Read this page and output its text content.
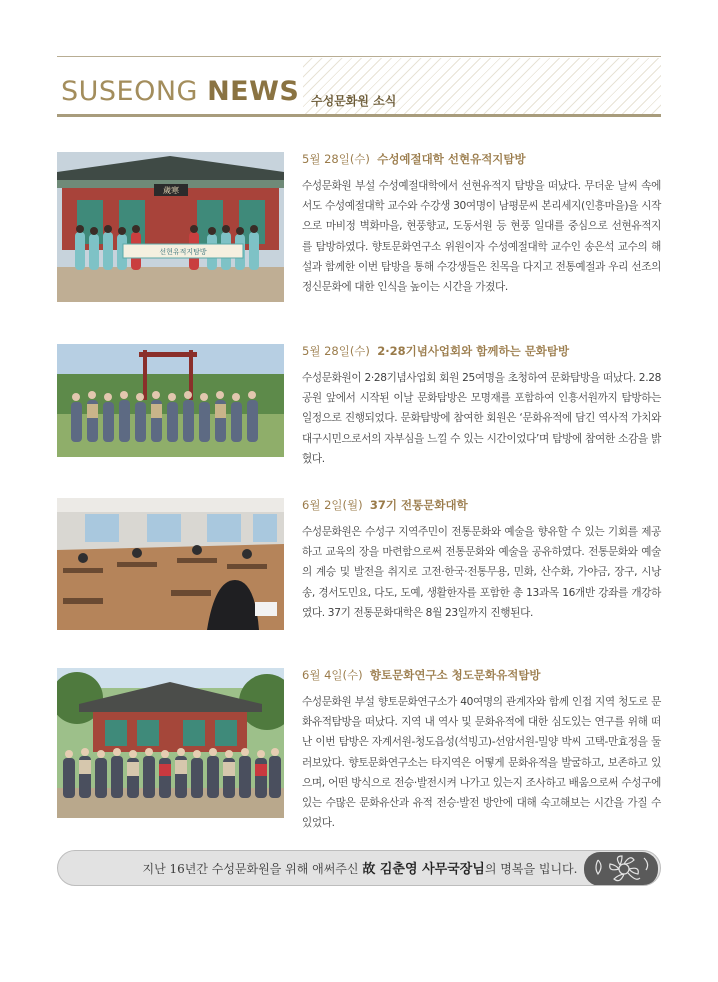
SUSEONG NEWS 수성문화원 소식
歲寒
선현유적지탐방
5월 28일(수) 수성예절대학 선현유적지탐방
수성문화원 부설 수성예절대학에서 선현유적지 탐방을 떠났다. 무더운 날씨 속에서도 수성예절대학 교수와 수강생 30여명이 남평문씨 본리세지(인흥마을)을 시작으로 마비정 벽화마을, 현풍향교, 도동서원 등 현풍 일대를 중심으로 선현유적지를 탐방하였다. 향토문화연구소 위원이자 수성예절대학 교수인 송은석 교수의 해설과 함께한 이번 탐방을 통해 수강생들은 친목을 다지고 전통예절과 우리 선조의 정신문화에 대한 인식을 높이는 시간을 가졌다.
5월 28일(수) 2·28기념사업회와 함께하는 문화탐방
수성문화원이 2·28기념사업회 회원 25여명을 초청하여 문화탐방을 떠났다. 2.28 공원 앞에서 시작된 이날 문화탐방은 모명재를 포함하여 인흥서원까지 탐방하는 일정으로 진행되었다. 문화탐방에 참여한 회원은 ‘문화유적에 담긴 역사적 가치와 대구시민으로서의 자부심을 느낄 수 있는 시간이었다’며 탐방에 참여한 소감을 밝혔다.
6월 2일(월) 37기 전통문화대학
수성문화원은 수성구 지역주민이 전통문화와 예술을 향유할 수 있는 기회를 제공하고 교육의 장을 마련함으로써 전통문화와 예술을 공유하였다. 전통문화와 예술의 계승 및 발전을 취지로 고전·한국·전통무용, 민화, 산수화, 가야금, 장구, 시낭송, 경서도민요, 다도, 도예, 생활한자를 포함한 총 13과목 16개반 강좌를 개강하였다. 37기 전통문화대학은 8월 23일까지 진행된다.
6월 4일(수) 향토문화연구소 청도문화유적탐방
수성문화원 부설 향토문화연구소가 40여명의 관계자와 함께 인접 지역 청도로 문화유적탐방을 떠났다. 지역 내 역사 및 문화유적에 대한 심도있는 연구를 위해 떠난 이번 탐방은 자계서원-청도읍성(석빙고)-선암서원-밀양 박씨 고택-만효정을 둘러보았다. 향토문화연구소는 타지역은 어떻게 문화유적을 발굴하고, 보존하고 있으며, 어떤 방식으로 전승·발전시켜 나가고 있는지 조사하고 배움으로써 수성구에 있는 수많은 문화유산과 유적 전승·발전 방안에 대해 숙고해보는 시간을 가질 수 있었다.
지난 16년간 수성문화원을 위해 애써주신 故 김춘영 사무국장님의 명복을 빕니다.
